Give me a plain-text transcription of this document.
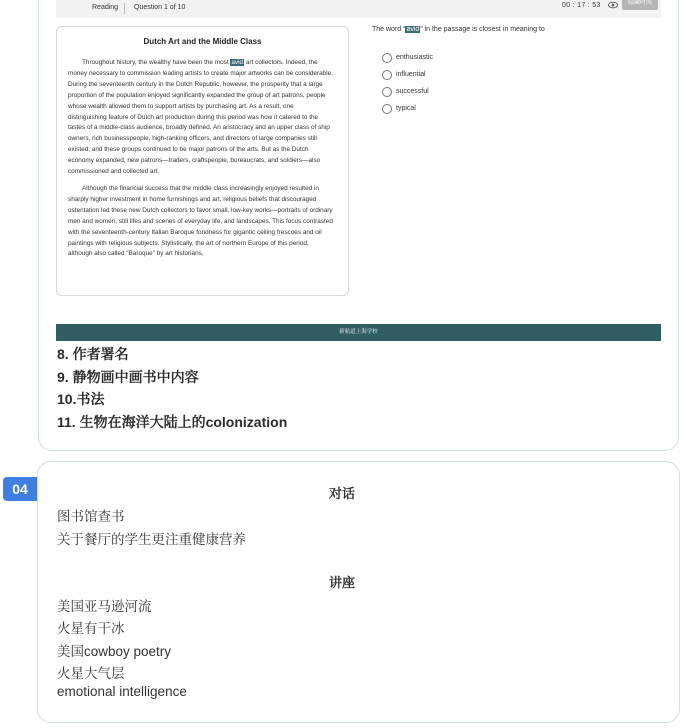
Reading Question 1 of 10	00 : 17 : 53	隐藏时间
Dutch Art and the Middle Class

Throughout history, the wealthy have been the most avid art collectors. Indeed, the money necessary to commission leading artists to create major artworks can be considerable. During the seventeenth century in the Dutch Republic, however, the prosperity that a large proportion of the population enjoyed significantly expanded the group of art patrons, people whose wealth allowed them to support artists by purchasing art. As a result, one distinguishing feature of Dutch art production during this period was how it catered to the tastes of a middle-class audience, broadly defined. An aristocracy and an upper class of ship owners, rich businesspeople, high-ranking officers, and directors of large companies still existed, and these groups continued to be major patrons of the arts. But as the Dutch economy expanded, new patrons—traders, craftspeople, bureaucrats, and soldiers—also commissioned and collected art.

Although the financial success that the middle class increasingly enjoyed resulted in sharply higher investment in home furnishings and art, religious beliefs that discouraged ostentation led these new Dutch collectors to favor small, low-key works—portraits of ordinary men and women, still lifes and scenes of everyday life, and landscapes. This focus contrasted with the seventeenth-century Italian Baroque fondness for gigantic ceiling frescoes and oil paintings with religious subjects. Stylistically, the art of northern Europe of this period, although also called "Baroque" by art historians,

The word “avid” in the passage is closest in meaning to
enthusiastic
influential
successful
typical
新航道上海学校
8. 作者署名
9. 静物画中画书中内容
10.书法
11. 生物在海洋大陆上的colonization
04	对话
图书馆查书
关于餐厅的学生更注重健康营养
讲座
美国亚马逊河流
火星有干冰
美国cowboy poetry
火星大气层
emotional intelligence
